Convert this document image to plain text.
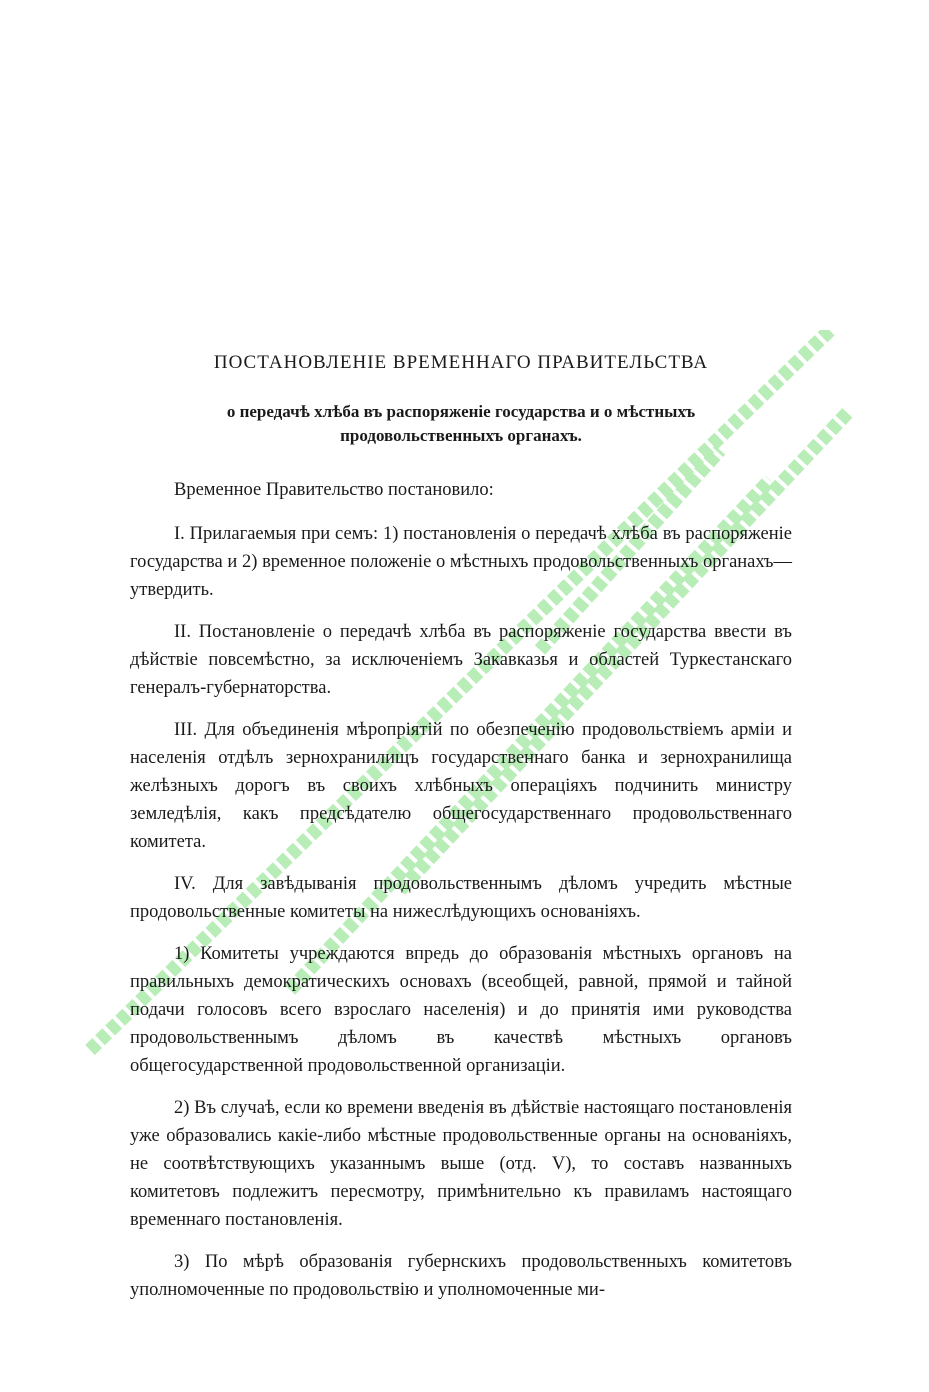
ПОСТАНОВЛЕНІЕ ВРЕМЕННАГО ПРАВИТЕЛЬСТВА
о передачѣ хлѣба въ распоряженіе государства и о мѣстныхъ
продовольственныхъ органахъ.

Временное Правительство постановило:

I. Прилагаемыя при семъ: 1) постановленія о передачѣ хлѣба въ распоряженіе государства и 2) временное положеніе о мѣстныхъ продовольственныхъ органахъ—утвердить.

II. Постановленіе о передачѣ хлѣба въ распоряженіе государства ввести въ дѣйствіе повсемѣстно, за исключеніемъ Закавказья и областей Туркестанскаго генералъ-губернаторства.

III. Для объединенія мѣропріятій по обезпеченію продовольствіемъ арміи и населенія отдѣлъ зернохранилищъ государственнаго банка и зернохранилища желѣзныхъ дорогъ въ своихъ хлѣбныхъ операціяхъ подчинить министру земледѣлія, какъ предсѣдателю общегосударственнаго продовольственнаго комитета.

IV. Для завѣдыванія продовольственнымъ дѣломъ учредить мѣстные продовольственные комитеты на нижеслѣдующихъ основаніяхъ.

1) Комитеты учреждаются впредь до образованія мѣстныхъ органовъ на правильныхъ демократическихъ основахъ (всеобщей, равной, прямой и тайной подачи голосовъ всего взрослаго населенія) и до принятія ими руководства продовольственнымъ дѣломъ въ качествѣ мѣстныхъ органовъ общегосударственной продовольственной организаціи.

2) Въ случаѣ, если ко времени введенія въ дѣйствіе настоящаго постановленія уже образовались какіе-либо мѣстные продовольственные органы на основаніяхъ, не соотвѣтствующихъ указаннымъ выше (отд. V), то составъ названныхъ комитетовъ подлежитъ пересмотру, примѣнительно къ правиламъ настоящаго временнаго постановленія.

3) По мѣрѣ образованія губернскихъ продовольственныхъ комитетовъ уполномоченные по продовольствію и уполномоченные ми-
